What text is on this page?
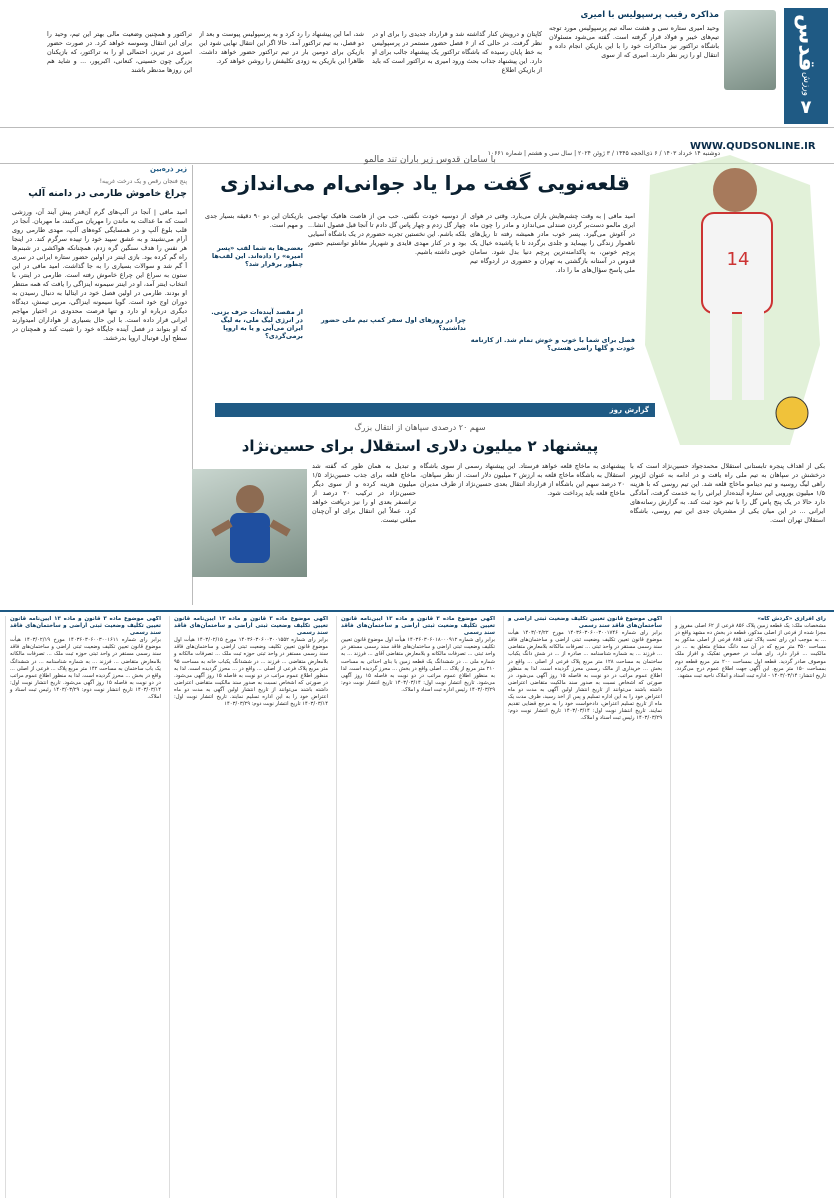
قدس
ورزش
۷
مذاکره رقیب پرسپولیس با امیری
وحید امیری ستاره سی و هشت ساله تیم پرسپولیس مورد توجه تیم‌های خیبر و فولاد قرار گرفته است. گفته می‌شود مسئولان باشگاه تراکتور نیز مذاکرات خود را با این بازیکن انجام داده و انتقال او را زیر نظر دارند. امیری که از سوی
کاپتان و درویش کنار گذاشته شد و قرارداد جدیدی را برای او در نظر گرفت. در حالی که از ۶ فصل حضور مستمر در پرسپولیس به خط پایان رسیده که باشگاه تراکتور یک پیشنهاد جالب برای او دارد. این پیشنهاد جذاب بحث ورود امیری به تراکتور است که باید از بازیکن اطلاع
شد، اما این پیشنهاد را رد کرد و به پرسپولیس پیوست و بعد از دو فصل، به تیم تراکتور آمد. حالا اگر این انتقال نهایی شود این بازیکن برای دومین بار در تیم تراکتور حضور خواهد داشت. ظاهرا این بازیکن به زودی تکلیفش را روشن خواهد کرد.
تراکتور و همچنین وضعیت مالی بهتر این تیم، وحید را برای این انتقال وسوسه خواهد کرد. در صورت حضور امیری در تبریز، احتمالی او را به تراکتور، که بازیکنان بزرگی چون حسینی، کنعانی، اکبرپور، ... و شاید هم این روزها مدنظر باشند
دوشنبه ۱۴ خرداد ۱۴۰۳ / ۶ ذی‌الحجه ۱۴۴۵ / ۳ ژوئن ۲۰۲۴ | سال سی و هشتم | شماره ۱۰۶۶۱
WWW.QUDSONLINE.IR
زیر ذره‌بین
پنج فنجان رقص و یک درخت غریبه!
چراغ خاموش طارمی در دامنه آلپ
امید مافی | آنجا در آلپ‌های گرم آن‌قدر پیش آیند آن، ورزشی است که ما عدالت به ماندن را مهریان می‌کنند، ما مهربان. آنجا در قلب بلوغ آلپ و در همسایگی کوه‌های آلپ، مهدی طارمی روی آرام می‌نشیند و به عشق سپید خود را تپیده سرگرم کند. در اینجا هر نفس را هدف سنگین گره زدم، همچنانکه هواکشی در شبنم‌ها راه گم کرده بود. بازی اینتر در اولین حضور ستاره ایرانی در سری آ گم شد و سوالات بسیاری را به جا گذاشت. امید مافی در این ستون به سراغ این چراغ خاموش رفته است. طارمی در اینتر، با انتخاب اینتر آمد، او در اینتر سیمونه اینزاگی را یافت که همه منتظر او بودند. طارمی در اولین فصل خود در ایتالیا به دنبال رسیدن به دوران اوج خود است. گویا سیمونه اینزاگی، مربی تیمش، دیدگاه دیگری درباره او دارد و تنها فرصت محدودی در اختیار مهاجم ایرانی قرار داده است. با این حال بسیاری از هواداران امیدوارند که او بتواند در فصل آینده جایگاه خود را تثبیت کند و همچنان در سطح اول فوتبال اروپا بدرخشد.
با سامان قدوس زیر باران تند مالمو
قلعه‌نویی گفت مرا یاد جوانی‌ام می‌اندازی
14
امید مافی | به وقت چشم‌هایش باران می‌بارد. وقتی در هوای ابری مالمو دست‌بر گردن صندلی می‌اندازد و مادر را چون ماه در آغوش می‌گیرد. پسر خوب مادر همیشه رفته تا ریل‌های ناهموار زندگی را بپیماید و جلدی برگردد تا با پاشیده خیال یک پرچم خونین، به پاکدامنه‌ترین پرچم دنیا بدل شود. سامان قدوس در آستانه بازگشتی به تهران و حضوری در اردوگاه تیم ملی پاسخ سؤال‌های ما را داد.
فصل برای شما با خوب و خوش تمام شد. از کارنامه خودت و گلها راضی هستی؟
از دوسیه خودت نگفتی. حب من از فاصت هافیک تهاجمی چهار گل زدم و چهار پاس گل دادم تا آنجا قبل فصول انشا... بلکه باشم. این نخستین تجربه حضورم در یک باشگاه آسیایی بود و در کنار مهدی قایدی و شهریار مغانلو توانستیم حضور خوبی داشته باشیم.
چرا در روزهای اول سفر کمپ تیم ملی حضور نداشتید؟
بازیکنان این دو ۹۰ دقیقه بسیار جدی و مهم است.
بعضی‌ها به شما لقب «پسر امیره» را داده‌اند. این لقب‌ها چطور برقرار شد؟
از مقصد آینده‌ات حرف بزنی. در انرژی لیگ ملی، به لیگ ایران می‌آیی و یا به اروپا برمی‌گردی؟
گزارش روز
سهم ۲۰ درصدی سپاهان از انتقال بزرگ
پیشنهاد ۲ میلیون دلاری استقلال برای حسین‌نژاد
بکی از اهداف پنجره تابستانی استقلال محمدجواد حسین‌نژاد است که با درخشش در سپاهان به تیم ملی راه یافت و در ادامه به عنوان لژیونر راهی لیگ روسیه و تیم دینامو ماخاچ قلعه شد. این تیم روسی که با هزینه ۱/۵ میلیون یورویی این ستاره آینده‌دار ایرانی را به خدمت گرفت، آمادگی دارد حالا در یک پنج پاس گل را با تیم خود ثبت کند. به گزارش رسانه‌های ایرانی ... در این میان یکی از مشتریان جدی این تیم روسی، باشگاه استقلال تهران است.
پیشنهادی به ماخاچ قلعه خواهد فرستاد. این پیشنهاد رسمی از سوی باشگاه استقلال به باشگاه ماخاچ قلعه به ارزش ۲ میلیون دلار است. از نظر سپاهان، ۲۰ درصد سهم این باشگاه از قرارداد انتقال بعدی حسین‌نژاد از طرف مدیران ماخاچ قلعه باید پرداخت شود.
و تبدیل به همان طور که گفته شد ماخاچ قلعه برای جذب حسین‌نژاد ۱/۵ میلیون هزینه کرده و از سوی دیگر حسین‌نژاد در ترکیب ۲۰ درصد از ترانسفر بعدی او را نیز دریافت خواهد کرد. عملاً این انتقال برای او آن‌چنان مبلغی نیست.
رأی افرازی «گردش گاه»
مشخصات ملک: یک قطعه زمین پلاک ۸۵۶ فرعی از ۶۲ اصلی مفروز و مجزا شده از فرعی از اصلی مذکور، قطعه در بخش ده مشهد واقع در ... به موجب این رای تحت پلاک ثبتی ۸۸۵ فرعی از اصلی مذکور به مساحت ۳۵۰ متر مربع که در آن سه دانگ مشاع متعلق به ... در مالکیت ... قرار دارد. رای هیأت در خصوص تفکیک و افراز ملک موصوف صادر گردید. قطعه اول بمساحت ۲۰۰ متر مربع قطعه دوم بمساحت ۱۵۰ متر مربع. این آگهی جهت اطلاع عموم درج می‌گردد. تاریخ انتشار: ۱۴۰۳/۰۳/۱۴ - اداره ثبت اسناد و املاک ناحیه ثبت مشهد.
آگهی موضوع قانون تعیین تکلیف وضعیت ثبتی اراضی و ساختمان‌های فاقد سند رسمی
برابر رای شماره ۱۴۰۳۶۰۳۰۶۰۰۳۰۰۱۷۴۶ مورخ ۱۴۰۳/۰۲/۲۲ هیأت موضوع قانون تعیین تکلیف وضعیت ثبتی اراضی و ساختمان‌های فاقد سند رسمی مستقر در واحد ثبتی ... تصرفات مالکانه بلامعارض متقاضی ... فرزند ... به شماره شناسنامه ... صادره از ... در شش دانگ یکباب ساختمان به مساحت ۱۲۸ متر مربع پلاک فرعی از اصلی ... واقع در بخش ... خریداری از مالک رسمی محرز گردیده است. لذا به منظور اطلاع عموم مراتب در دو نوبت به فاصله ۱۵ روز آگهی می‌شود. در صورتی که اشخاص نسبت به صدور سند مالکیت متقاضی اعتراضی داشته باشند می‌توانند از تاریخ انتشار اولین آگهی به مدت دو ماه اعتراض خود را به این اداره تسلیم و پس از اخذ رسید، ظرف مدت یک ماه از تاریخ تسلیم اعتراض، دادخواست خود را به مرجع قضایی تقدیم نمایند. تاریخ انتشار نوبت اول: ۱۴۰۳/۰۳/۱۴ تاریخ انتشار نوبت دوم: ۱۴۰۳/۰۳/۲۹ رئیس ثبت اسناد و املاک.
آگهی موضوع ماده ۳ قانون و ماده ۱۳ آیین‌نامه قانون تعیین تکلیف وضعیت ثبتی اراضی و ساختمان‌های فاقد سند رسمی
برابر رای شماره ۱۴۰۳۶۰۳۰۶۰۱۸۰۰۰۹۱۲ هیأت اول موضوع قانون تعیین تکلیف وضعیت ثبتی اراضی و ساختمان‌های فاقد سند رسمی مستقر در واحد ثبتی ... تصرفات مالکانه و بلامعارض متقاضی آقای ... فرزند ... به شماره ملی ... در ششدانگ یک قطعه زمین با بنای احداثی به مساحت ۲۱۰ متر مربع از پلاک ... اصلی واقع در بخش ... محرز گردیده است. لذا به منظور اطلاع عموم مراتب در دو نوبت به فاصله ۱۵ روز آگهی می‌شود. تاریخ انتشار نوبت اول: ۱۴۰۳/۰۳/۱۴ تاریخ انتشار نوبت دوم: ۱۴۰۳/۰۳/۲۹ رئیس اداره ثبت اسناد و املاک.
آگهی موضوع ماده ۳ قانون و ماده ۱۳ آیین‌نامه قانون تعیین تکلیف وضعیت ثبتی اراضی و ساختمان‌های فاقد سند رسمی
برابر رای شماره ۱۴۰۳۶۰۳۰۶۰۰۳۰۰۱۵۵۲ مورخ ۱۴۰۳/۰۲/۱۵ هیأت اول موضوع قانون تعیین تکلیف وضعیت ثبتی اراضی و ساختمان‌های فاقد سند رسمی مستقر در واحد ثبتی حوزه ثبت ملک ... تصرفات مالکانه و بلامعارض متقاضی ... فرزند ... در ششدانگ یکباب خانه به مساحت ۹۵ متر مربع پلاک فرعی از اصلی ... واقع در ... محرز گردیده است. لذا به منظور اطلاع عموم مراتب در دو نوبت به فاصله ۱۵ روز آگهی می‌شود. در صورتی که اشخاص نسبت به صدور سند مالکیت متقاضی اعتراضی داشته باشند می‌توانند از تاریخ انتشار اولین آگهی به مدت دو ماه اعتراض خود را به این اداره تسلیم نمایند. تاریخ انتشار نوبت اول: ۱۴۰۳/۰۳/۱۴ تاریخ انتشار نوبت دوم: ۱۴۰۳/۰۳/۲۹
آگهی موضوع ماده ۳ قانون و ماده ۱۳ آیین‌نامه قانون تعیین تکلیف وضعیت ثبتی اراضی و ساختمان‌های فاقد سند رسمی
برابر رای شماره ۱۴۰۳۶۰۳۰۶۰۰۳۰۰۱۶۱۱ مورخ ۱۴۰۳/۰۲/۱۹ هیأت موضوع قانون تعیین تکلیف وضعیت ثبتی اراضی و ساختمان‌های فاقد سند رسمی مستقر در واحد ثبتی حوزه ثبت ملک ... تصرفات مالکانه بلامعارض متقاضی ... فرزند ... به شماره شناسنامه ... در ششدانگ یک باب ساختمان به مساحت ۱۴۲ متر مربع پلاک ... فرعی از اصلی ... واقع در بخش ... محرز گردیده است. لذا به منظور اطلاع عموم مراتب در دو نوبت به فاصله ۱۵ روز آگهی می‌شود. تاریخ انتشار نوبت اول: ۱۴۰۳/۰۳/۱۴ تاریخ انتشار نوبت دوم: ۱۴۰۳/۰۳/۲۹ رئیس ثبت اسناد و املاک.
